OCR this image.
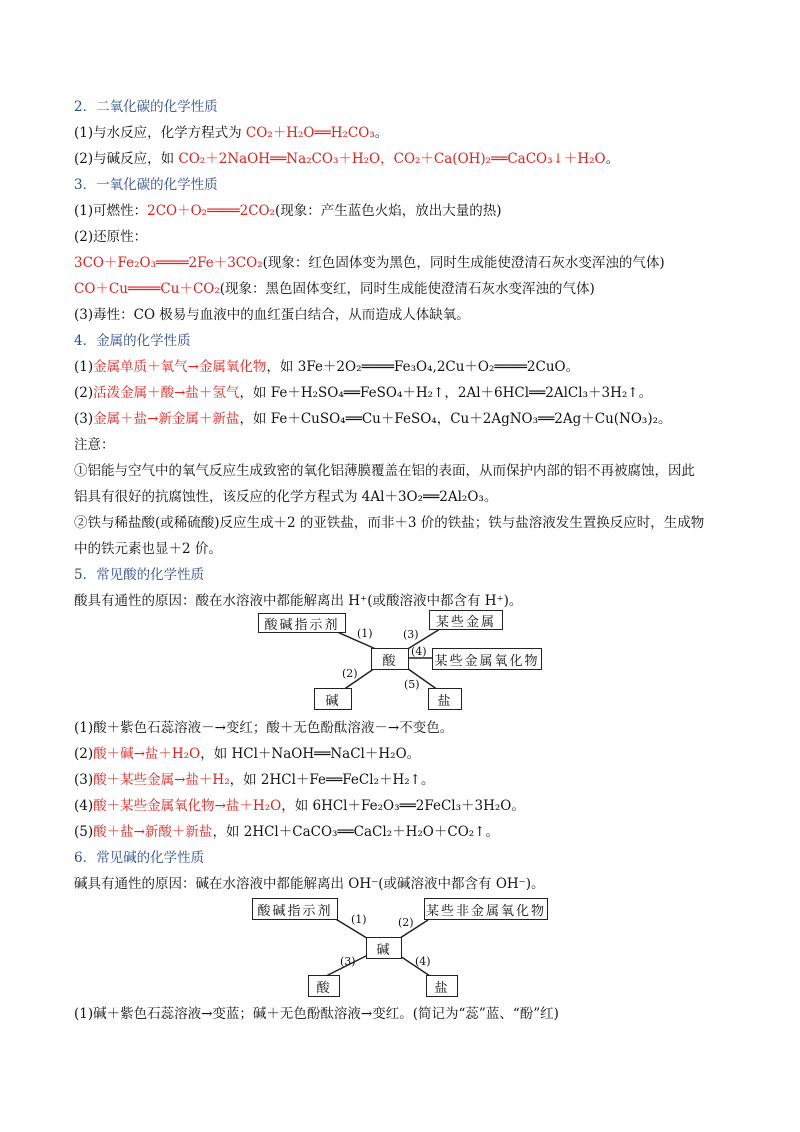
2．二氧化碳的化学性质
(1)与水反应，化学方程式为 CO₂＋H₂O══H₂CO₃。
(2)与碱反应，如 CO₂＋2NaOH══Na₂CO₃＋H₂O，CO₂＋Ca(OH)₂══CaCO₃↓＋H₂O。
3．一氧化碳的化学性质
(1)可燃性：2CO＋O₂════2CO₂(现象：产生蓝色火焰，放出大量的热)
(2)还原性：
3CO＋Fe₂O₃════2Fe＋3CO₂(现象：红色固体变为黑色，同时生成能使澄清石灰水变浑浊的气体)
CO＋Cu════Cu＋CO₂(现象：黑色固体变红，同时生成能使澄清石灰水变浑浊的气体)
(3)毒性：CO 极易与血液中的血红蛋白结合，从而造成人体缺氧。
4．金属的化学性质
(1)金属单质＋氧气→金属氧化物，如 3Fe＋2O₂════Fe₃O₄,2Cu＋O₂════2CuO。
(2)活泼金属＋酸→盐＋氢气，如 Fe＋H₂SO₄══FeSO₄＋H₂↑，2Al＋6HCl══2AlCl₃＋3H₂↑。
(3)金属＋盐→新金属＋新盐，如 Fe＋CuSO₄══Cu＋FeSO₄，Cu＋2AgNO₃══2Ag＋Cu(NO₃)₂。
注意：
①铝能与空气中的氧气反应生成致密的氧化铝薄膜覆盖在铝的表面，从而保护内部的铝不再被腐蚀，因此
铝具有很好的抗腐蚀性，该反应的化学方程式为 4Al＋3O₂══2Al₂O₃。
②铁与稀盐酸(或稀硫酸)反应生成＋2 的亚铁盐，而非＋3 价的铁盐；铁与盐溶液发生置换反应时，生成物
中的铁元素也显＋2 价。
5．常见酸的化学性质
酸具有通性的原因：酸在水溶液中都能解离出 H⁺(或酸溶液中都含有 H⁺)。
酸碱指示剂	某些金属
酸	某些金属氧化物
碱	盐
(1)	(3)
(4)
(2)
(5)
(1)酸＋紫色石蕊溶液－→变红；酸＋无色酚酞溶液－→不变色。
(2)酸＋碱→盐＋H₂O，如 HCl＋NaOH══NaCl＋H₂O。
(3)酸＋某些金属→盐＋H₂，如 2HCl＋Fe══FeCl₂＋H₂↑。
(4)酸＋某些金属氧化物→盐＋H₂O，如 6HCl＋Fe₂O₃══2FeCl₃＋3H₂O。
(5)酸＋盐→新酸＋新盐，如 2HCl＋CaCO₃══CaCl₂＋H₂O＋CO₂↑。
6．常见碱的化学性质
碱具有通性的原因：碱在水溶液中都能解离出 OH⁻(或碱溶液中都含有 OH⁻)。
酸碱指示剂	某些非金属氧化物
碱
酸	盐
(1)	(2)
(3)	(4)
(1)碱＋紫色石蕊溶液→变蓝；碱＋无色酚酞溶液→变红。(简记为“蕊”蓝、“酚”红)
